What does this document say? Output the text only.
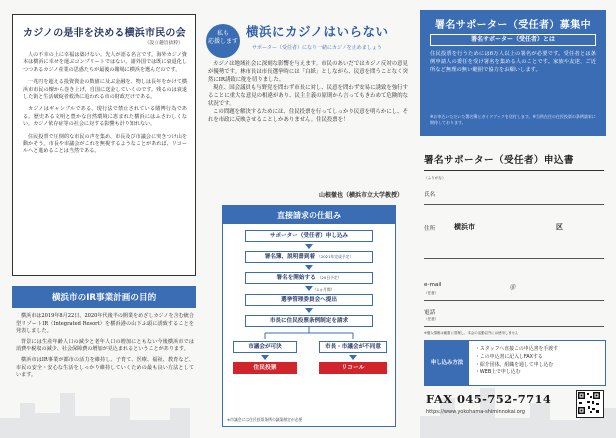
カジノの是非を決める横浜市民の会
（設立趣旨抜粋）

人の不幸の上に幸福は築けない。先人が語る名言です。海外カジノ資本は横浜に幸せを運ぶコンプリートではない。諸外国では既に衰退化しつつあるカジノ産業の思惑たちが最後の賭場に横浜を選んだのです。

一兆円を超える投資資金の数値に及ぶ金融を、物しは長年をかけて横浜市市民の懐から巻き上げ、自国に送金していくのです。残るのは衰退した街と生活破綻者救済に追われる市の財政だけである。

カジノはギャンブルである。現行法で禁止されている賭博行為である。歴史ある文明と豊かな自然環境に恵まれた横浜にはふさわしくない。カジノ依存症等の社会に対する影響も計り知れない。

住民投票で圧倒的な市民の声を集め、市長及び市議会に突きつけ山を動かそう。市長や市議会がこれを無視するようなことがあれば、リコールへと進めることは当然である。

横浜市のIR事業計画の目的

横浜市は2019年8月22日、2020年代後半の開業をめざしカジノを含む統合型リゾートIR（Integrated Resort）を横浜港の山下ふ頭に誘致することを発表しました。

背景には生産年齢人口の減少と老年人口の増加にともない今後横浜市では消費や税収の減少、社会保障費の増加が見込まれるということがあります。

横浜市はIR事業が都市の活力を維持し、子育て、医療、福祉、教育など、市民の安全・安心な生活をしっかり維持していくための最も良い方法としています。

私も
応援します
横浜にカジノはいらない
サポーター（受任者）になり一緒にカジノを止めましょう

カジノは地域社会に深刻な影響を与えます。市民のあいだではカジノ反対の意見が優勢です。林市長は市長選挙時には「白紙」としながら、民意を問うことなく突然にIR誘致に舵を切りました。

現在、国会議員も与野党を問わず市長に対し、民意を問わず安易に誘致を強行することに重大な意見の相違があり、民主主義の原則から言ってもきわめて危険的な状況です。

この問題を解決するためには、住民投票を行ってしっかり民意を明らかにし、それを市政に反映させることしかありません。住民投票を！

山根徹也（横浜市立大学教授）
直接請求の仕組み
サポーター（受任者）申し込み
署名簿、説明書到着 （2021年完成予定）
署名を開始する （20日予定）
（1ヵ月間）
選挙管理委員会へ提出
市長に住民投票条例制定を請求
市議会が可決	市長・市議会が不同意
住民投票	リコール
※市議会には住民投票条例の議案制定が必要
署名サポーター（受任者）募集中
署名サポーター（受任者）とは
住民投票を行うためには6万人以上の署名が必要です。受任者とは条例申請人の委任を受け署名を集める人のことです。家族や友達、ご近所など無理の無い範囲で協力をお願いします。
※お申込いただいた署名簿とガイドブックを送付します。※当所在住の住民投票の条例請求に期待しております。
署名サポーター（受任者）申込書
（ふりがな）
氏名
住所	横浜市	区
e-mail
（任意）
＠
電話
（任意）
※個人情報は厳重に管理し、本会の活動以外には使用しません
申し込み方法
・スタッフへ直接この申込書を手渡す
・この申込書に記入しFAXする
・紹介団体、組織を通して申し込む
・WEB上で申し込む
FAX 045-752-7714
https://www.yokohama-shiminnokai.org
